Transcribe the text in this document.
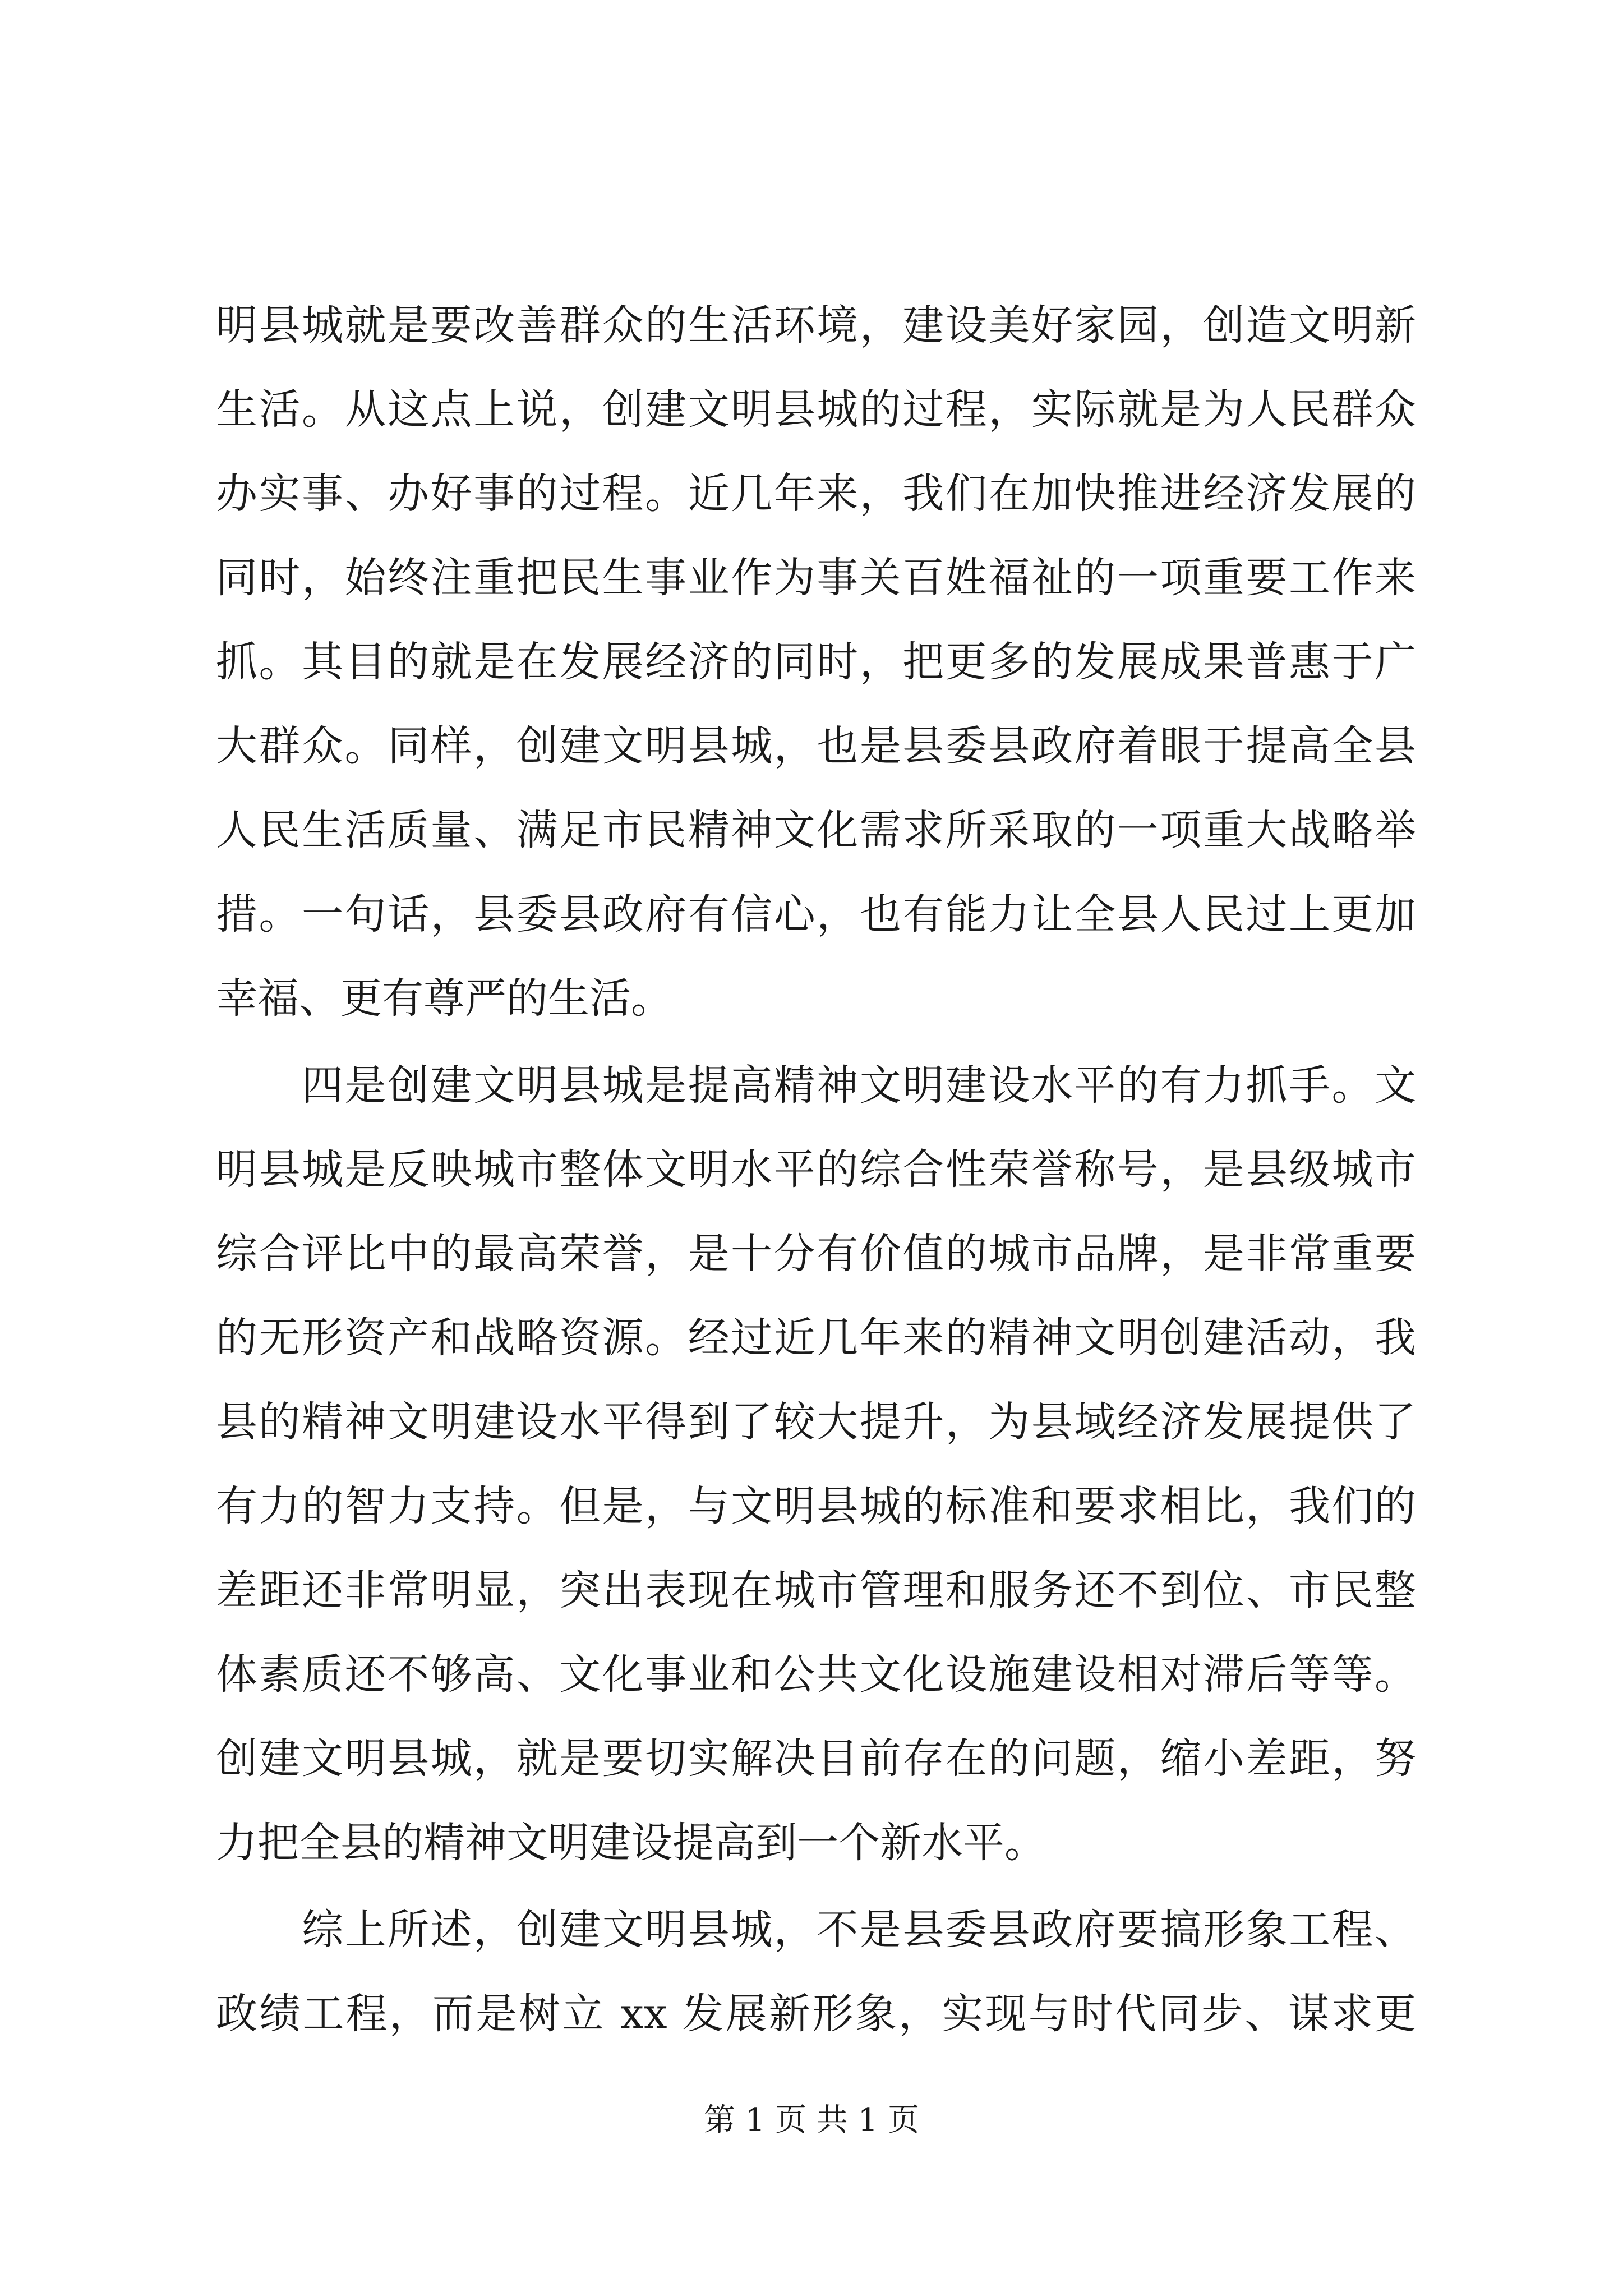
明县城就是要改善群众的生活环境，建设美好家园，创造文明新
生活。从这点上说，创建文明县城的过程，实际就是为人民群众
办实事、办好事的过程。近几年来，我们在加快推进经济发展的
同时，始终注重把民生事业作为事关百姓福祉的一项重要工作来
抓。其目的就是在发展经济的同时，把更多的发展成果普惠于广
大群众。同样，创建文明县城，也是县委县政府着眼于提高全县
人民生活质量、满足市民精神文化需求所采取的一项重大战略举
措。一句话，县委县政府有信心，也有能力让全县人民过上更加
幸福、更有尊严的生活。
四是创建文明县城是提高精神文明建设水平的有力抓手。文
明县城是反映城市整体文明水平的综合性荣誉称号，是县级城市
综合评比中的最高荣誉，是十分有价值的城市品牌，是非常重要
的无形资产和战略资源。经过近几年来的精神文明创建活动，我
县的精神文明建设水平得到了较大提升，为县域经济发展提供了
有力的智力支持。但是，与文明县城的标准和要求相比，我们的
差距还非常明显，突出表现在城市管理和服务还不到位、市民整
体素质还不够高、文化事业和公共文化设施建设相对滞后等等。
创建文明县城，就是要切实解决目前存在的问题，缩小差距，努
力把全县的精神文明建设提高到一个新水平。
综上所述，创建文明县城，不是县委县政府要搞形象工程、
政绩工程，而是树立 xx 发展新形象，实现与时代同步、谋求更
第 1 页 共 1 页
